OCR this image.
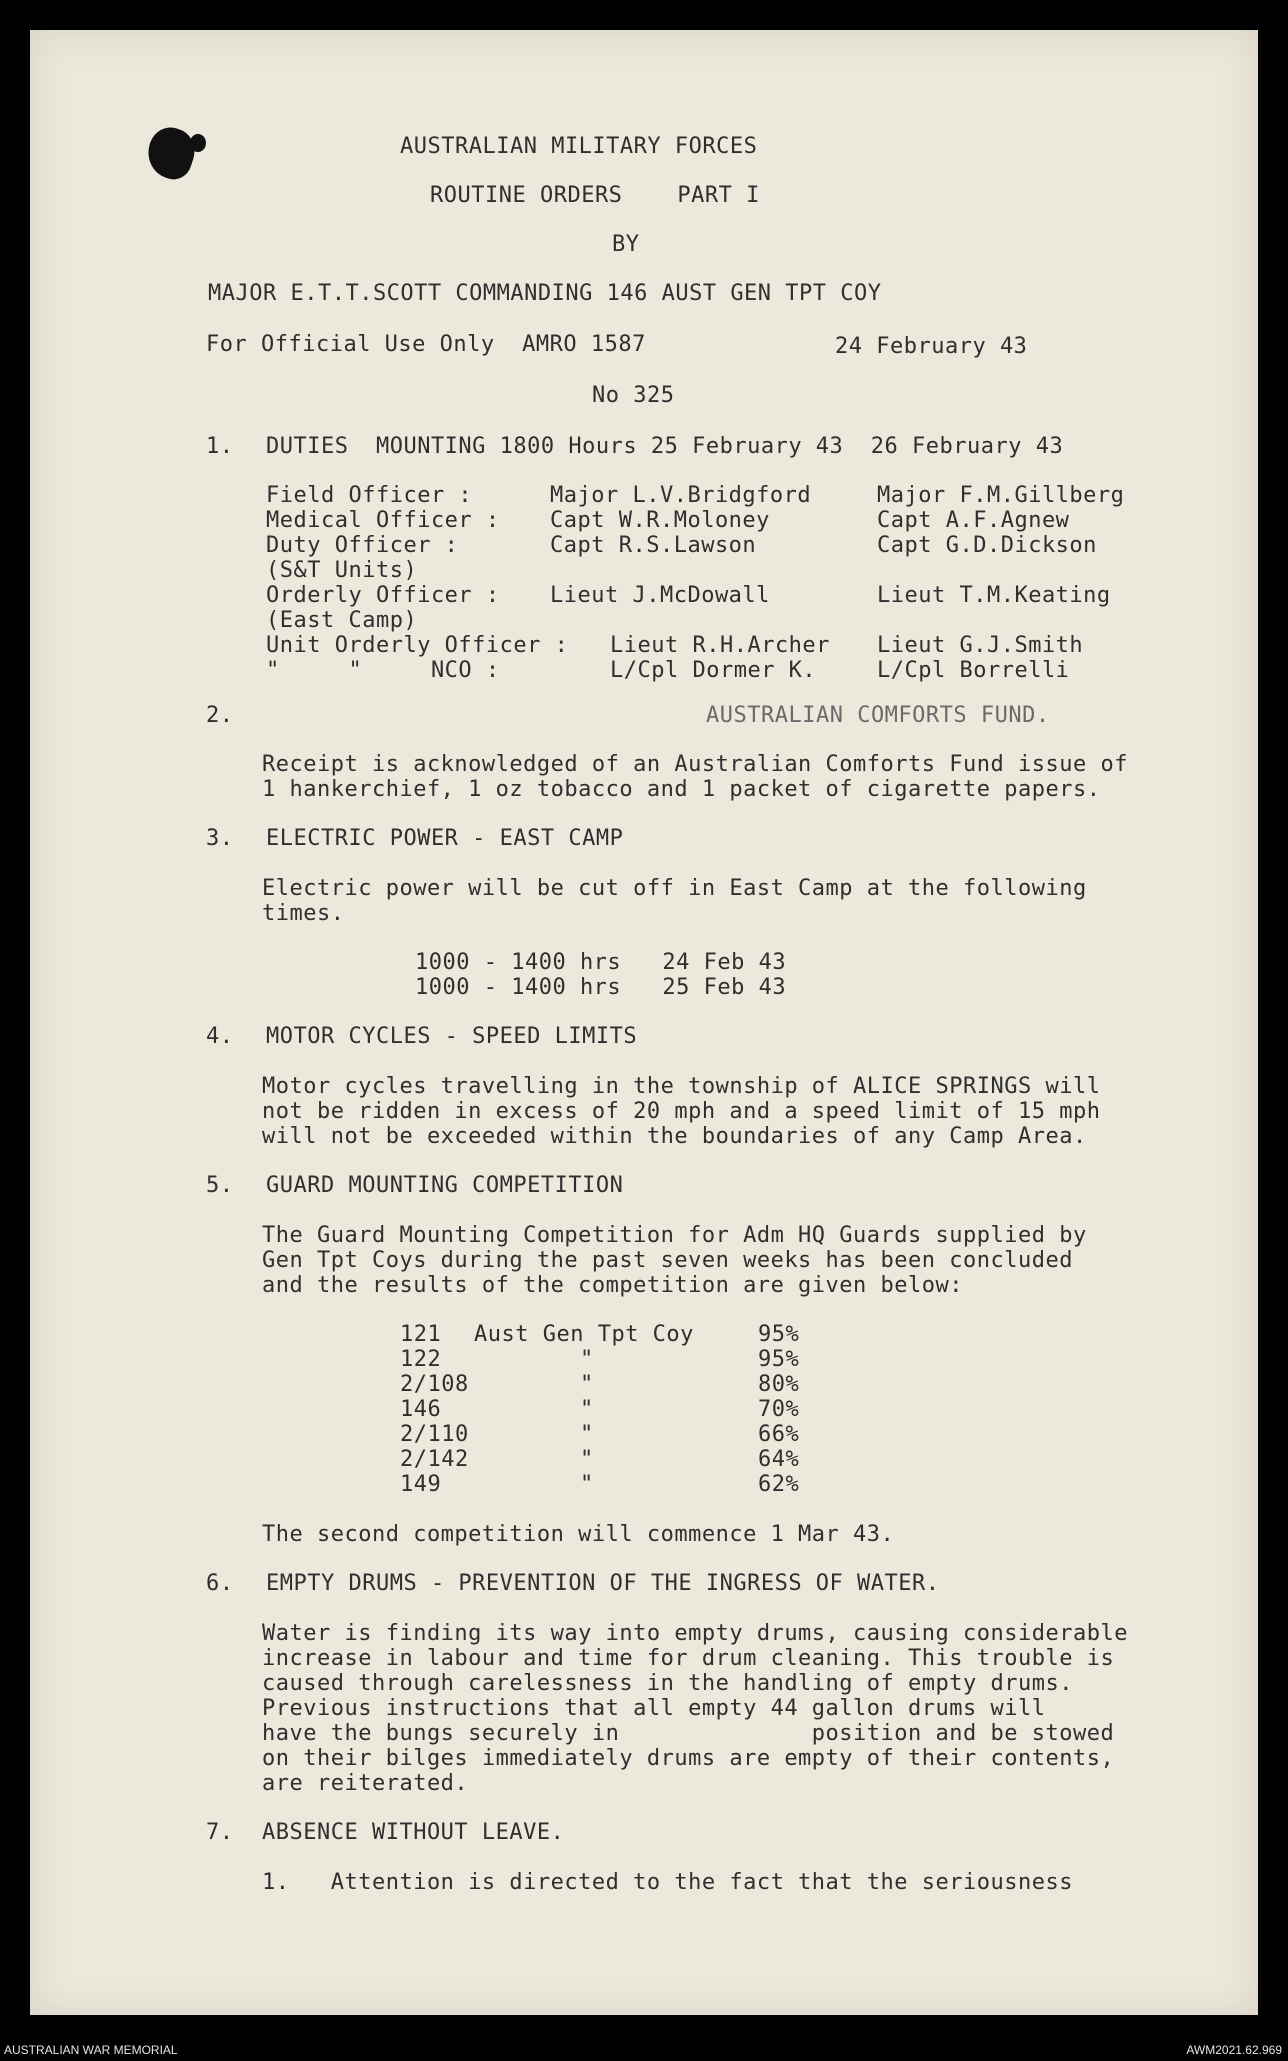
AUSTRALIAN MILITARY FORCES
ROUTINE ORDERS    PART I
BY
MAJOR E.T.T.SCOTT COMMANDING 146 AUST GEN TPT COY
For Official Use Only  AMRO 1587	24 February 43
No 325
1. DUTIES  MOUNTING 1800 Hours 25 February 43  26 February 43
Field Officer :	Major L.V.Bridgford	Major F.M.Gillberg
Medical Officer : Capt W.R.Moloney	Capt A.F.Agnew
Duty Officer :	Capt R.S.Lawson	Capt G.D.Dickson
(S&T Units)
Orderly Officer : Lieut J.McDowall	Lieut T.M.Keating
(East Camp)
Unit Orderly Officer : Lieut R.H.Archer Lieut G.J.Smith
"     "     NCO :	L/Cpl Dormer K.	L/Cpl Borrelli
2.	AUSTRALIAN COMFORTS FUND.
Receipt is acknowledged of an Australian Comforts Fund issue of
1 hankerchief, 1 oz tobacco and 1 packet of cigarette papers.
3. ELECTRIC POWER - EAST CAMP
Electric power will be cut off in East Camp at the following
times.
1000 - 1400 hrs   24 Feb 43
1000 - 1400 hrs   25 Feb 43
4. MOTOR CYCLES - SPEED LIMITS
Motor cycles travelling in the township of ALICE SPRINGS will
not be ridden in excess of 20 mph and a speed limit of 15 mph
will not be exceeded within the boundaries of any Camp Area.
5. GUARD MOUNTING COMPETITION
The Guard Mounting Competition for Adm HQ Guards supplied by
Gen Tpt Coys during the past seven weeks has been concluded
and the results of the competition are given below:
121 Aust Gen Tpt Coy	95%
122	"	95%
2/108	"	80%
146	"	70%
2/110	"	66%
2/142	"	64%
149	"	62%
The second competition will commence 1 Mar 43.
6. EMPTY DRUMS - PREVENTION OF THE INGRESS OF WATER.
Water is finding its way into empty drums, causing considerable
increase in labour and time for drum cleaning. This trouble is
caused through carelessness in the handling of empty drums.
Previous instructions that all empty 44 gallon drums will
have the bungs securely in              position and be stowed
on their bilges immediately drums are empty of their contents,
are reiterated.
7. ABSENCE WITHOUT LEAVE.
1.   Attention is directed to the fact that the seriousness
AUSTRALIAN WAR MEMORIAL	AWM2021.62.969
